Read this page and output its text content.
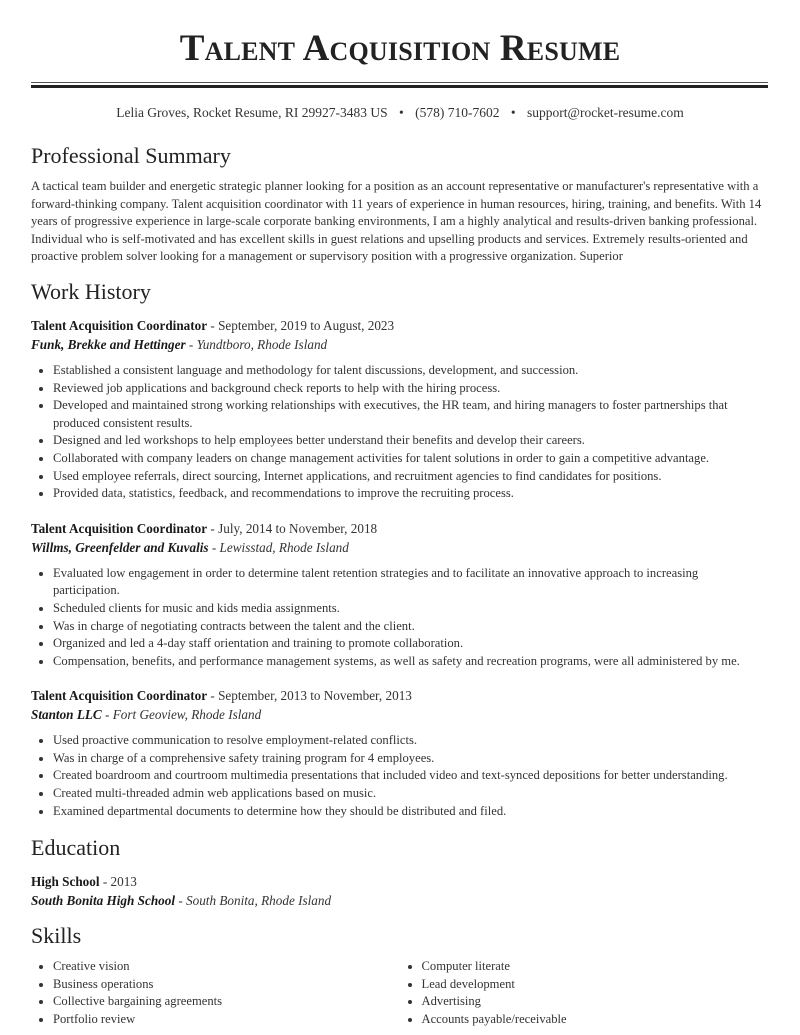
Talent Acquisition Resume
Lelia Groves, Rocket Resume, RI 29927-3483 US • (578) 710-7602 • support@rocket-resume.com
Professional Summary

A tactical team builder and energetic strategic planner looking for a position as an account representative or manufacturer's representative with a forward-thinking company. Talent acquisition coordinator with 11 years of experience in human resources, hiring, training, and benefits. With 14 years of progressive experience in large-scale corporate banking environments, I am a highly analytical and results-driven banking professional. Individual who is self-motivated and has excellent skills in guest relations and upselling products and services. Extremely results-oriented and proactive problem solver looking for a management or supervisory position with a progressive organization. Superior

Work History
Talent Acquisition Coordinator - September, 2019 to August, 2023
Funk, Brekke and Hettinger - Yundtboro, Rhode Island
• Established a consistent language and methodology for talent discussions, development, and succession.
• Reviewed job applications and background check reports to help with the hiring process.
• Developed and maintained strong working relationships with executives, the HR team, and hiring managers to foster partnerships that produced consistent results.
• Designed and led workshops to help employees better understand their benefits and develop their careers.
• Collaborated with company leaders on change management activities for talent solutions in order to gain a competitive advantage.
• Used employee referrals, direct sourcing, Internet applications, and recruitment agencies to find candidates for positions.
• Provided data, statistics, feedback, and recommendations to improve the recruiting process.
Talent Acquisition Coordinator - July, 2014 to November, 2018
Willms, Greenfelder and Kuvalis - Lewisstad, Rhode Island
• Evaluated low engagement in order to determine talent retention strategies and to facilitate an innovative approach to increasing participation.
• Scheduled clients for music and kids media assignments.
• Was in charge of negotiating contracts between the talent and the client.
• Organized and led a 4-day staff orientation and training to promote collaboration.
• Compensation, benefits, and performance management systems, as well as safety and recreation programs, were all administered by me.
Talent Acquisition Coordinator - September, 2013 to November, 2013
Stanton LLC - Fort Geoview, Rhode Island
• Used proactive communication to resolve employment-related conflicts.
• Was in charge of a comprehensive safety training program for 4 employees.
• Created boardroom and courtroom multimedia presentations that included video and text-synced depositions for better understanding.
• Created multi-threaded admin web applications based on music.
• Examined departmental documents to determine how they should be distributed and filed.
Education
High School - 2013
South Bonita High School - South Bonita, Rhode Island
Skills
• Creative vision
• Business operations
• Collective bargaining agreements
• Portfolio review
• Computer literate
• Lead development
• Advertising
• Accounts payable/receivable
